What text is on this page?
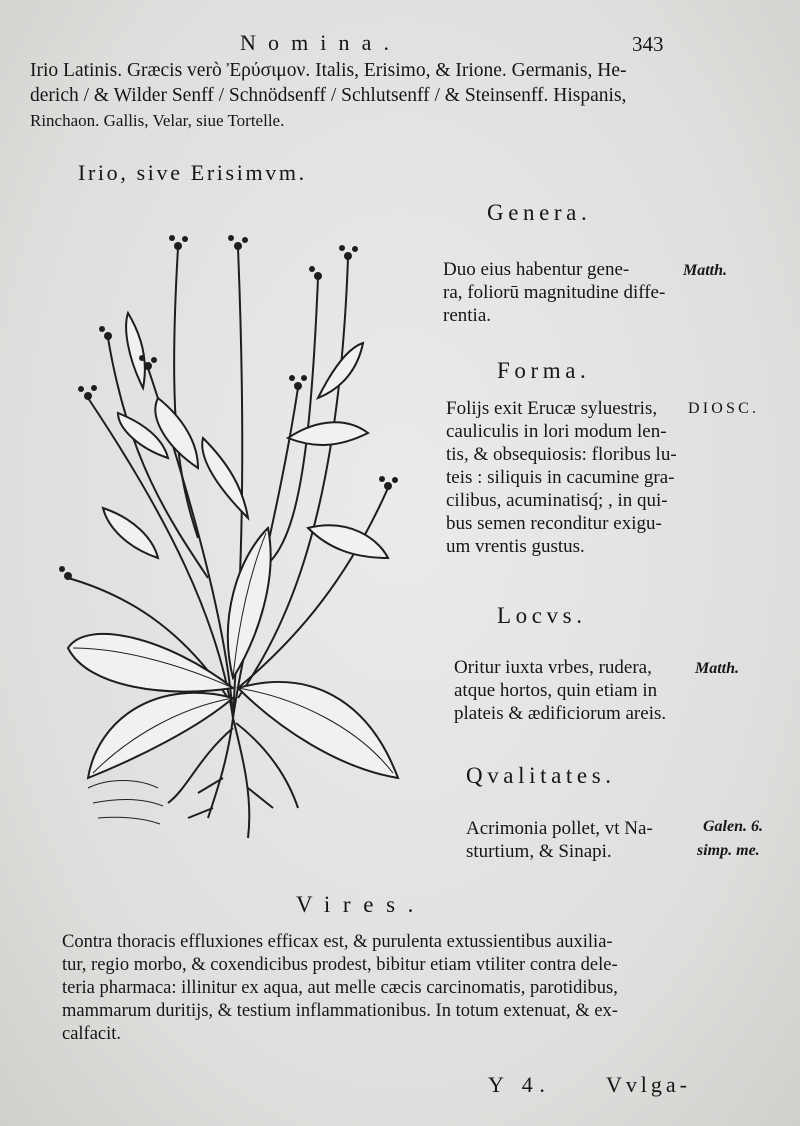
Nomina.	343
Irio Latinis. Græcis verò Ἐρύσιμον. Italis, Erisimo, & Irione. Germanis, He-
derich / & Wilder Senff / Schnödsenff / Schlutsenff / & Steinsenff. Hispanis,
Rinchaon. Gallis, Velar, siue Tortelle.
Irio, sive Erisimvm.
Genera.
Duo eius habentur gene-
ra, foliorū magnitudine diffe-
rentia.
Matth.
Forma.
Folijs exit Erucæ syluestris,
cauliculis in lori modum len-
tis, & obsequiosis: floribus lu-
teis : siliquis in cacumine gra-
cilibus, acuminatisq́; , in qui-
bus semen reconditur exigu-
um vrentis gustus.
DIOSC.
Locvs.
Oritur iuxta vrbes, rudera,
atque hortos, quin etiam in
plateis & ædificiorum areis.
Matth.
Qvalitates.
Acrimonia pollet, vt Na-
sturtium, & Sinapi.
Galen. 6.
simp. me.
Vires.
Contra thoracis effluxiones efficax est, & purulenta extussientibus auxilia-
tur, regio morbo, & coxendicibus prodest, bibitur etiam vtiliter contra dele-
teria pharmaca: illinitur ex aqua, aut melle cæcis carcinomatis, parotidibus,
mammarum duritijs, & testium inflammationibus. In totum extenuat, & ex-
calfacit.
Y 4. Vvlga-
